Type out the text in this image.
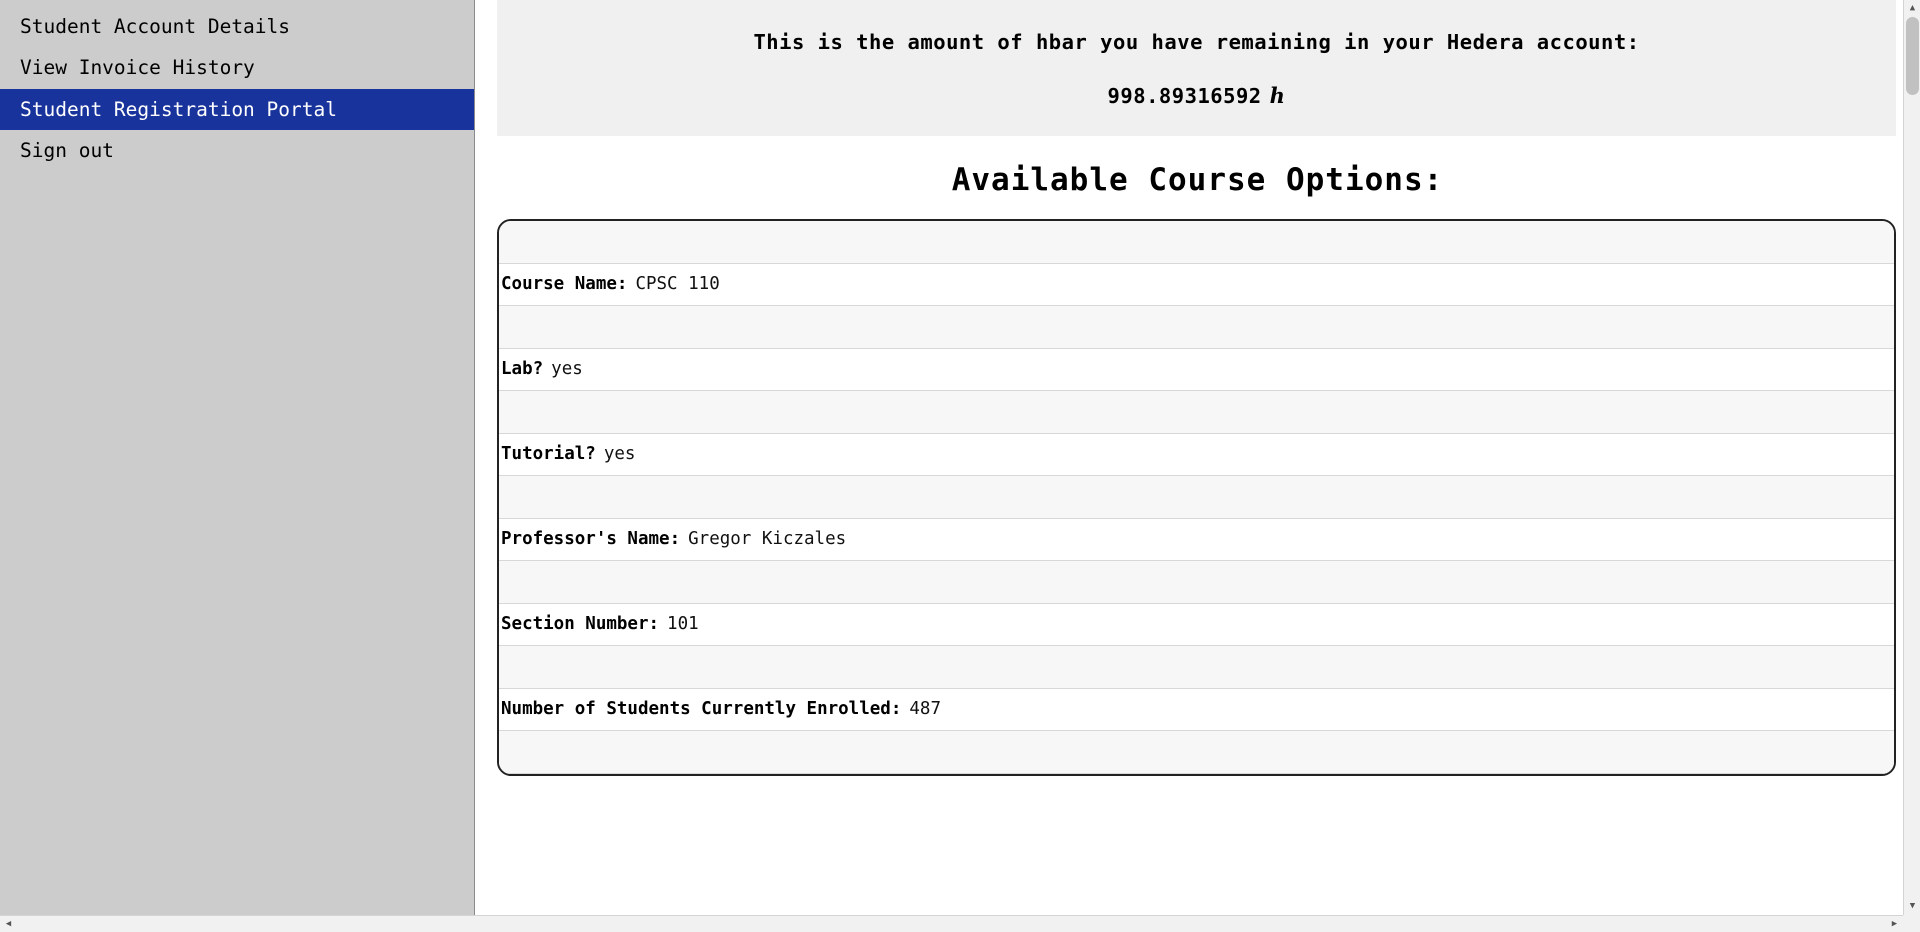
Student Account Details
View Invoice History
Student Registration Portal
Sign out
This is the amount of hbar you have remaining in your Hedera account:
998.89316592 h
Available Course Options:
Course Name: CPSC 110
Lab? yes
Tutorial? yes
Professor's Name: Gregor Kiczales
Section Number: 101
Number of Students Currently Enrolled: 487
▲
▼
◀	▶
